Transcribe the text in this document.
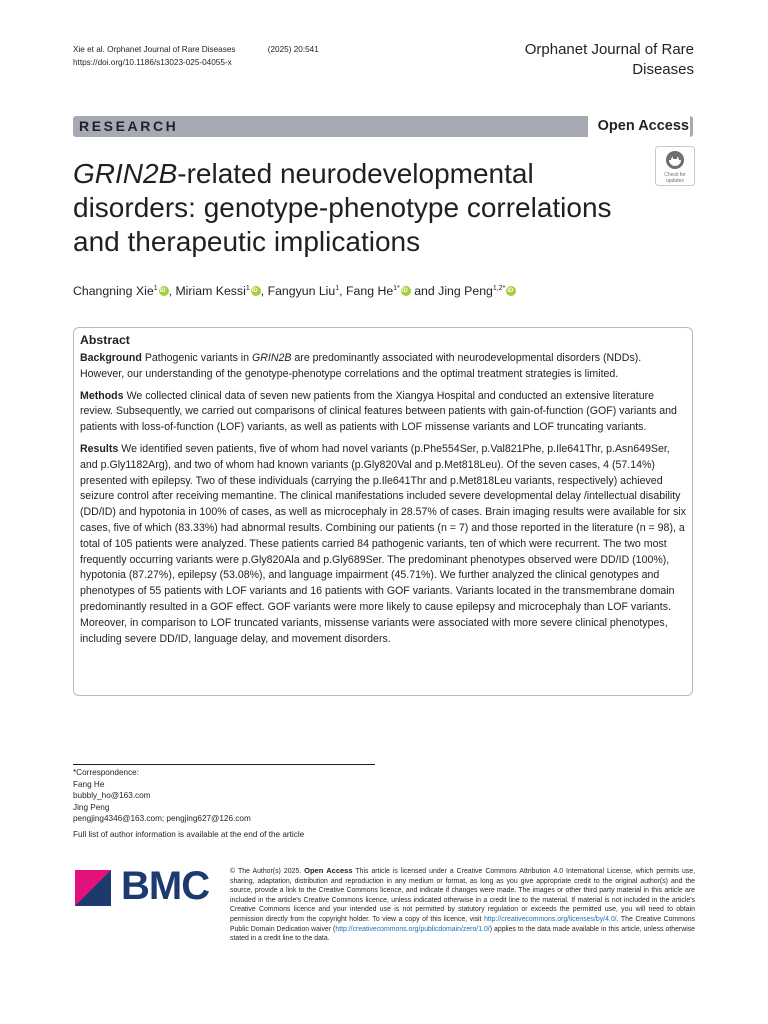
Xie et al. Orphanet Journal of Rare Diseases	(2025) 20:541
https://doi.org/10.1186/s13023-025-04055-x
Orphanet Journal of Rare
Diseases
RESEARCH	Open Access
Check for
updates
GRIN2B-related neurodevelopmental disorders: genotype-phenotype correlations and therapeutic implications
Changning Xie$^1$iD , Miriam Kessi$^1$iD , Fangyun Liu$^1$, Fang $He^{1*}iD$ and Jing Peng$^{1,2*}$iD
Abstract

Background Pathogenic variants in GRIN2B are predominantly associated with neurodevelopmental disorders (NDDs). However, our understanding of the genotype-phenotype correlations and the optimal treatment strategies is limited.

Methods We collected clinical data of seven new patients from the Xiangya Hospital and conducted an extensive literature review. Subsequently, we carried out comparisons of clinical features between patients with gain-of-function (GOF) variants and patients with loss-of-function (LOF) variants, as well as patients with LOF missense variants and LOF truncating variants.

Results We identified seven patients, five of whom had novel variants (p.Phe554Ser, p.Val821Phe, p.Ile641Thr, p.Asn649Ser, and p.Gly1182Arg), and two of whom had known variants (p.Gly820Val and p.Met818Leu). Of the seven cases, 4 (57.14%) presented with epilepsy. Two of these individuals (carrying the p.Ile641Thr and p.Met818Leu variants, respectively) achieved seizure control after receiving memantine. The clinical manifestations included severe developmental delay /intellectual disability (DD/ID) and hypotonia in 100% of cases, as well as microcephaly in 28.57% of cases. Brain imaging results were available for six cases, five of which (83.33%) had abnormal results. Combining our patients (n = 7) and those reported in the literature (n = 98), a total of 105 patients were analyzed. These patients carried 84 pathogenic variants, ten of which were recurrent. The two most frequently occurring variants were p.Gly820Ala and p.Gly689Ser. The predominant phenotypes observed were DD/ID (100%), hypotonia (87.27%), epilepsy (53.08%), and language impairment (45.71%). We further analyzed the clinical genotypes and phenotypes of 55 patients with LOF variants and 16 patients with GOF variants. Variants located in the transmembrane domain predominantly resulted in a GOF effect. GOF variants were more likely to cause epilepsy and microcephaly than LOF variants. Moreover, in comparison to LOF truncated variants, missense variants were associated with more severe clinical phenotypes, including severe DD/ID, language delay, and movement disorders.

*Correspondence:
Fang He
bubbly_ho@163.com
Jing Peng
pengjing4346@163.com; pengjing627@126.com
Full list of author information is available at the end of the article
BMC	© The Author(s) 2025. Open Access This article is licensed under a Creative Commons Attribution 4.0 International License, which permits use, sharing, adaptation, distribution and reproduction in any medium or format, as long as you give appropriate credit to the original author(s) and the source, provide a link to the Creative Commons licence, and indicate if changes were made. The images or other third party material in this article are included in the article's Creative Commons licence, unless indicated otherwise in a credit line to the material. If material is not included in the article's Creative Commons licence and your intended use is not permitted by statutory regulation or exceeds the permitted use, you will need to obtain permission directly from the copyright holder. To view a copy of this licence, visit http://creativecommons.org/licenses/by/4.0/. The Creative Commons Public Domain Dedication waiver (http://creativecommons.org/publicdomain/zero/1.0/) applies to the data made available in this article, unless otherwise stated in a credit line to the data.
